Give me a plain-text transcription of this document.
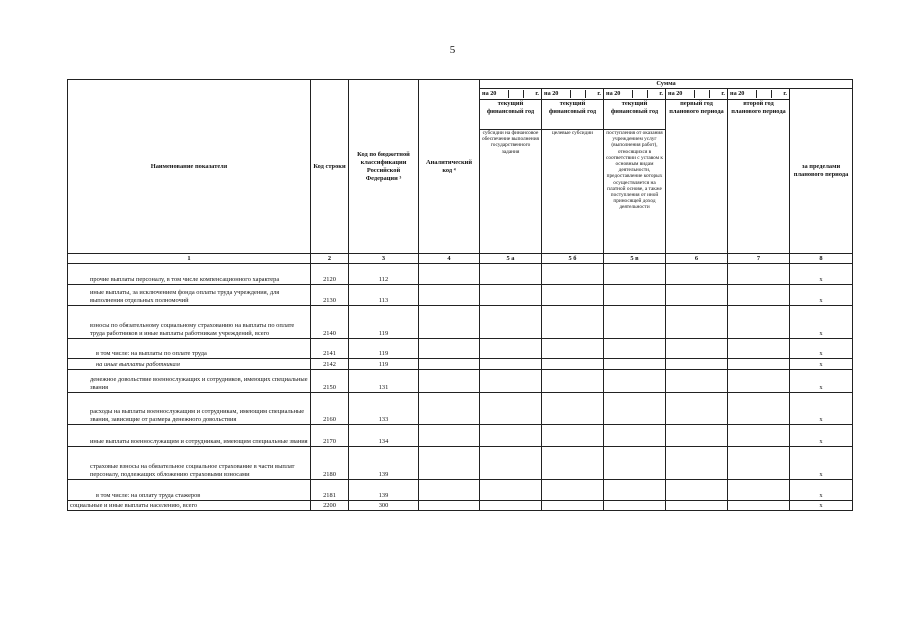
5
Наименование показателя	Код строки	Код по бюджетной классификации Российской Федерации ³	Аналитический код ⁴	Сумма					

				на 20 г.	на 20 г.	на 20 г.	на 20 г.	на 20 г.	за пределами планового периода
				текущий финансовый год	текущий финансовый год	текущий финансовый год	первый год планового периода	второй год планового периода	
				субсидии на финансовое обеспечение выполнения государственного задания	целевые субсидии	поступления от оказания учреждением услуг (выполнения работ), относящихся в соответствии с уставом к основным видам деятельности, предоставление которых осуществляется на платной основе, а также поступления от иной приносящей доход деятельности			
1	2	3	4	5 а	5 б	5 в	6	7	8
прочие выплаты персоналу, в том числе компенсационного характера	2120	112							x
иные выплаты, за исключением фонда оплаты труда учреждения, для выполнения отдельных полномочий	2130	113							x
взносы по обязательному социальному страхованию на выплаты по оплате труда работников и иные выплаты работникам учреждений, всего	2140	119							x
в том числе: на выплаты по оплате труда	2141	119							x
на иные выплаты работникам	2142	119							x
денежное довольствие военнослужащих и сотрудников, имеющих специальные звания	2150	131							x
расходы на выплаты военнослужащим и сотрудникам, имеющим специальные звания, зависящие от размера денежного довольствия	2160	133							x
иные выплаты военнослужащим и сотрудникам, имеющим специальные звания	2170	134							x
страховые взносы на обязательное социальное страхование в части выплат персоналу, подлежащих обложению страховыми взносами	2180	139							x
в том числе: на оплату труда стажеров	2181	139							x
социальные и иные выплаты населению, всего	2200	300							x
